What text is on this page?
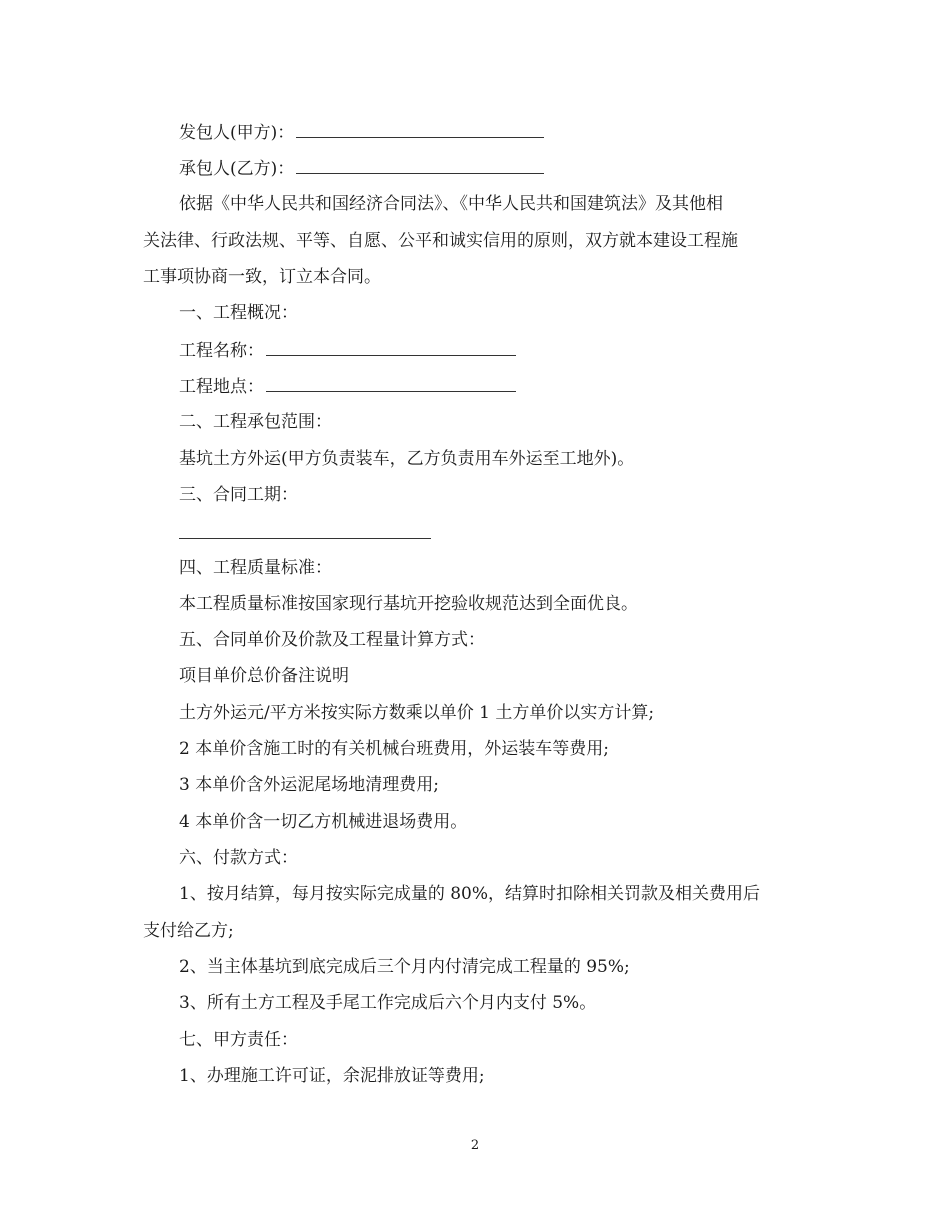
发包人(甲方)：
承包人(乙方)：
依据《中华人民共和国经济合同法》、《中华人民共和国建筑法》及其他相
关法律、行政法规、平等、自愿、公平和诚实信用的原则，双方就本建设工程施
工事项协商一致，订立本合同。
一、工程概况：
工程名称：
工程地点：
二、工程承包范围：
基坑土方外运(甲方负责装车，乙方负责用车外运至工地外)。
三、合同工期：
四、工程质量标准：
本工程质量标准按国家现行基坑开挖验收规范达到全面优良。
五、合同单价及价款及工程量计算方式：
项目单价总价备注说明
土方外运元/平方米按实际方数乘以单价 1 土方单价以实方计算;
2 本单价含施工时的有关机械台班费用，外运装车等费用;
3 本单价含外运泥尾场地清理费用;
4 本单价含一切乙方机械进退场费用。
六、付款方式：
1、按月结算，每月按实际完成量的 80%，结算时扣除相关罚款及相关费用后
支付给乙方;
2、当主体基坑到底完成后三个月内付清完成工程量的 95%;
3、所有土方工程及手尾工作完成后六个月内支付 5%。
七、甲方责任：
1、办理施工许可证，余泥排放证等费用;
2
